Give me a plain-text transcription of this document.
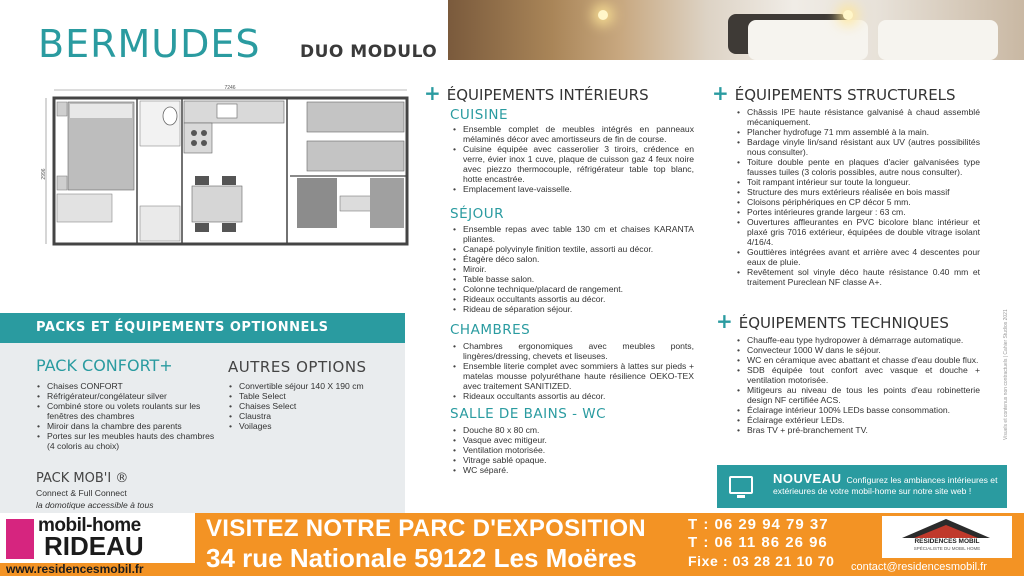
BERMUDES DUO MODULO
7246
2996
PACKS ET ÉQUIPEMENTS OPTIONNELS
PACK CONFORT+
• Chaises CONFORT
• Réfrigérateur/congélateur silver
• Combiné store ou volets roulants sur les fenêtres des chambres
• Miroir dans la chambre des parents
• Portes sur les meubles hauts des chambres (4 coloris au choix)
AUTRES OPTIONS
• Convertible séjour 140 X 190 cm
• Table Select
• Chaises Select
• Claustra
• Voilages
PACK MOB'I ®
Connect & Full Connect
la domotique accessible à tous
+ ÉQUIPEMENTS INTÉRIEURS
CUISINE
• Ensemble complet de meubles intégrés en panneaux mélaminés décor avec amortisseurs de fin de course.
• Cuisine équipée avec casserolier 3 tiroirs, crédence en verre, évier inox 1 cuve, plaque de cuisson gaz 4 feux noire avec piezzo thermocouple, réfrigérateur table top blanc, hotte encastrée.
• Emplacement lave-vaisselle.
SÉJOUR
• Ensemble repas avec table 130 cm et chaises KARANTA pliantes.
• Canapé polyvinyle finition textile, assorti au décor.
• Étagère déco salon.
• Miroir.
• Table basse salon.
• Colonne technique/placard de rangement.
• Rideaux occultants assortis au décor.
• Rideau de séparation séjour.
CHAMBRES
• Chambres ergonomiques avec meubles ponts, lingères/dressing, chevets et liseuses.
• Ensemble literie complet avec sommiers à lattes sur pieds + matelas mousse polyuréthane haute résilience OEKO-TEX avec traitement SANITIZED.
• Rideaux occultants assortis au décor.
SALLE DE BAINS - WC
• Douche 80 x 80 cm.
• Vasque avec mitigeur.
• Ventilation motorisée.
• Vitrage sablé opaque.
• WC séparé.
+ ÉQUIPEMENTS STRUCTURELS
• Châssis IPE haute résistance galvanisé à chaud assemblé mécaniquement.
• Plancher hydrofuge 71 mm assemblé à la main.
• Bardage vinyle lin/sand résistant aux UV (autres possibilités nous consulter).
• Toiture double pente en plaques d'acier galvanisées type fausses tuiles (3 coloris possibles, autre nous consulter).
• Toit rampant intérieur sur toute la longueur.
• Structure des murs extérieurs réalisée en bois massif
• Cloisons périphériques en CP décor 5 mm.
• Portes intérieures grande largeur : 63 cm.
• Ouvertures affleurantes en PVC bicolore blanc intérieur et plaxé gris 7016 extérieur, équipées de double vitrage isolant 4/16/4.
• Gouttières intégrées avant et arrière avec 4 descentes pour eaux de pluie.
• Revêtement sol vinyle déco haute résistance 0.40 mm et traitement Pureclean NF classe A+.
+ ÉQUIPEMENTS TECHNIQUES
• Chauffe-eau type hydropower à démarrage automatique.
• Convecteur 1000 W dans le séjour.
• WC en céramique avec abattant et chasse d'eau double flux.
• SDB équipée tout confort avec vasque et douche + ventilation motorisée.
• Mitigeurs au niveau de tous les points d'eau robinetterie design NF certifiée ACS.
• Éclairage intérieur 100% LEDs basse consommation.
• Éclairage extérieur LEDs.
• Bras TV + pré-branchement TV.	Visuels et contenus non contractuels | Cahier Studios 2021
NOUVEAU Configurez les ambiances intérieures et extérieures de votre mobil-home sur notre site web !
mobil-home
RIDEAU
www.residencesmobil.fr
VISITEZ NOTRE PARC D'EXPOSITION
34 rue Nationale 59122 Les Moëres
T : 06 29 94 79 37
T : 06 11 86 26 96
Fixe : 03 28 21 10 70
RESIDENCES MOBIL
SPÉCIALISTE DU MOBIL HOME
contact@residencesmobil.fr
